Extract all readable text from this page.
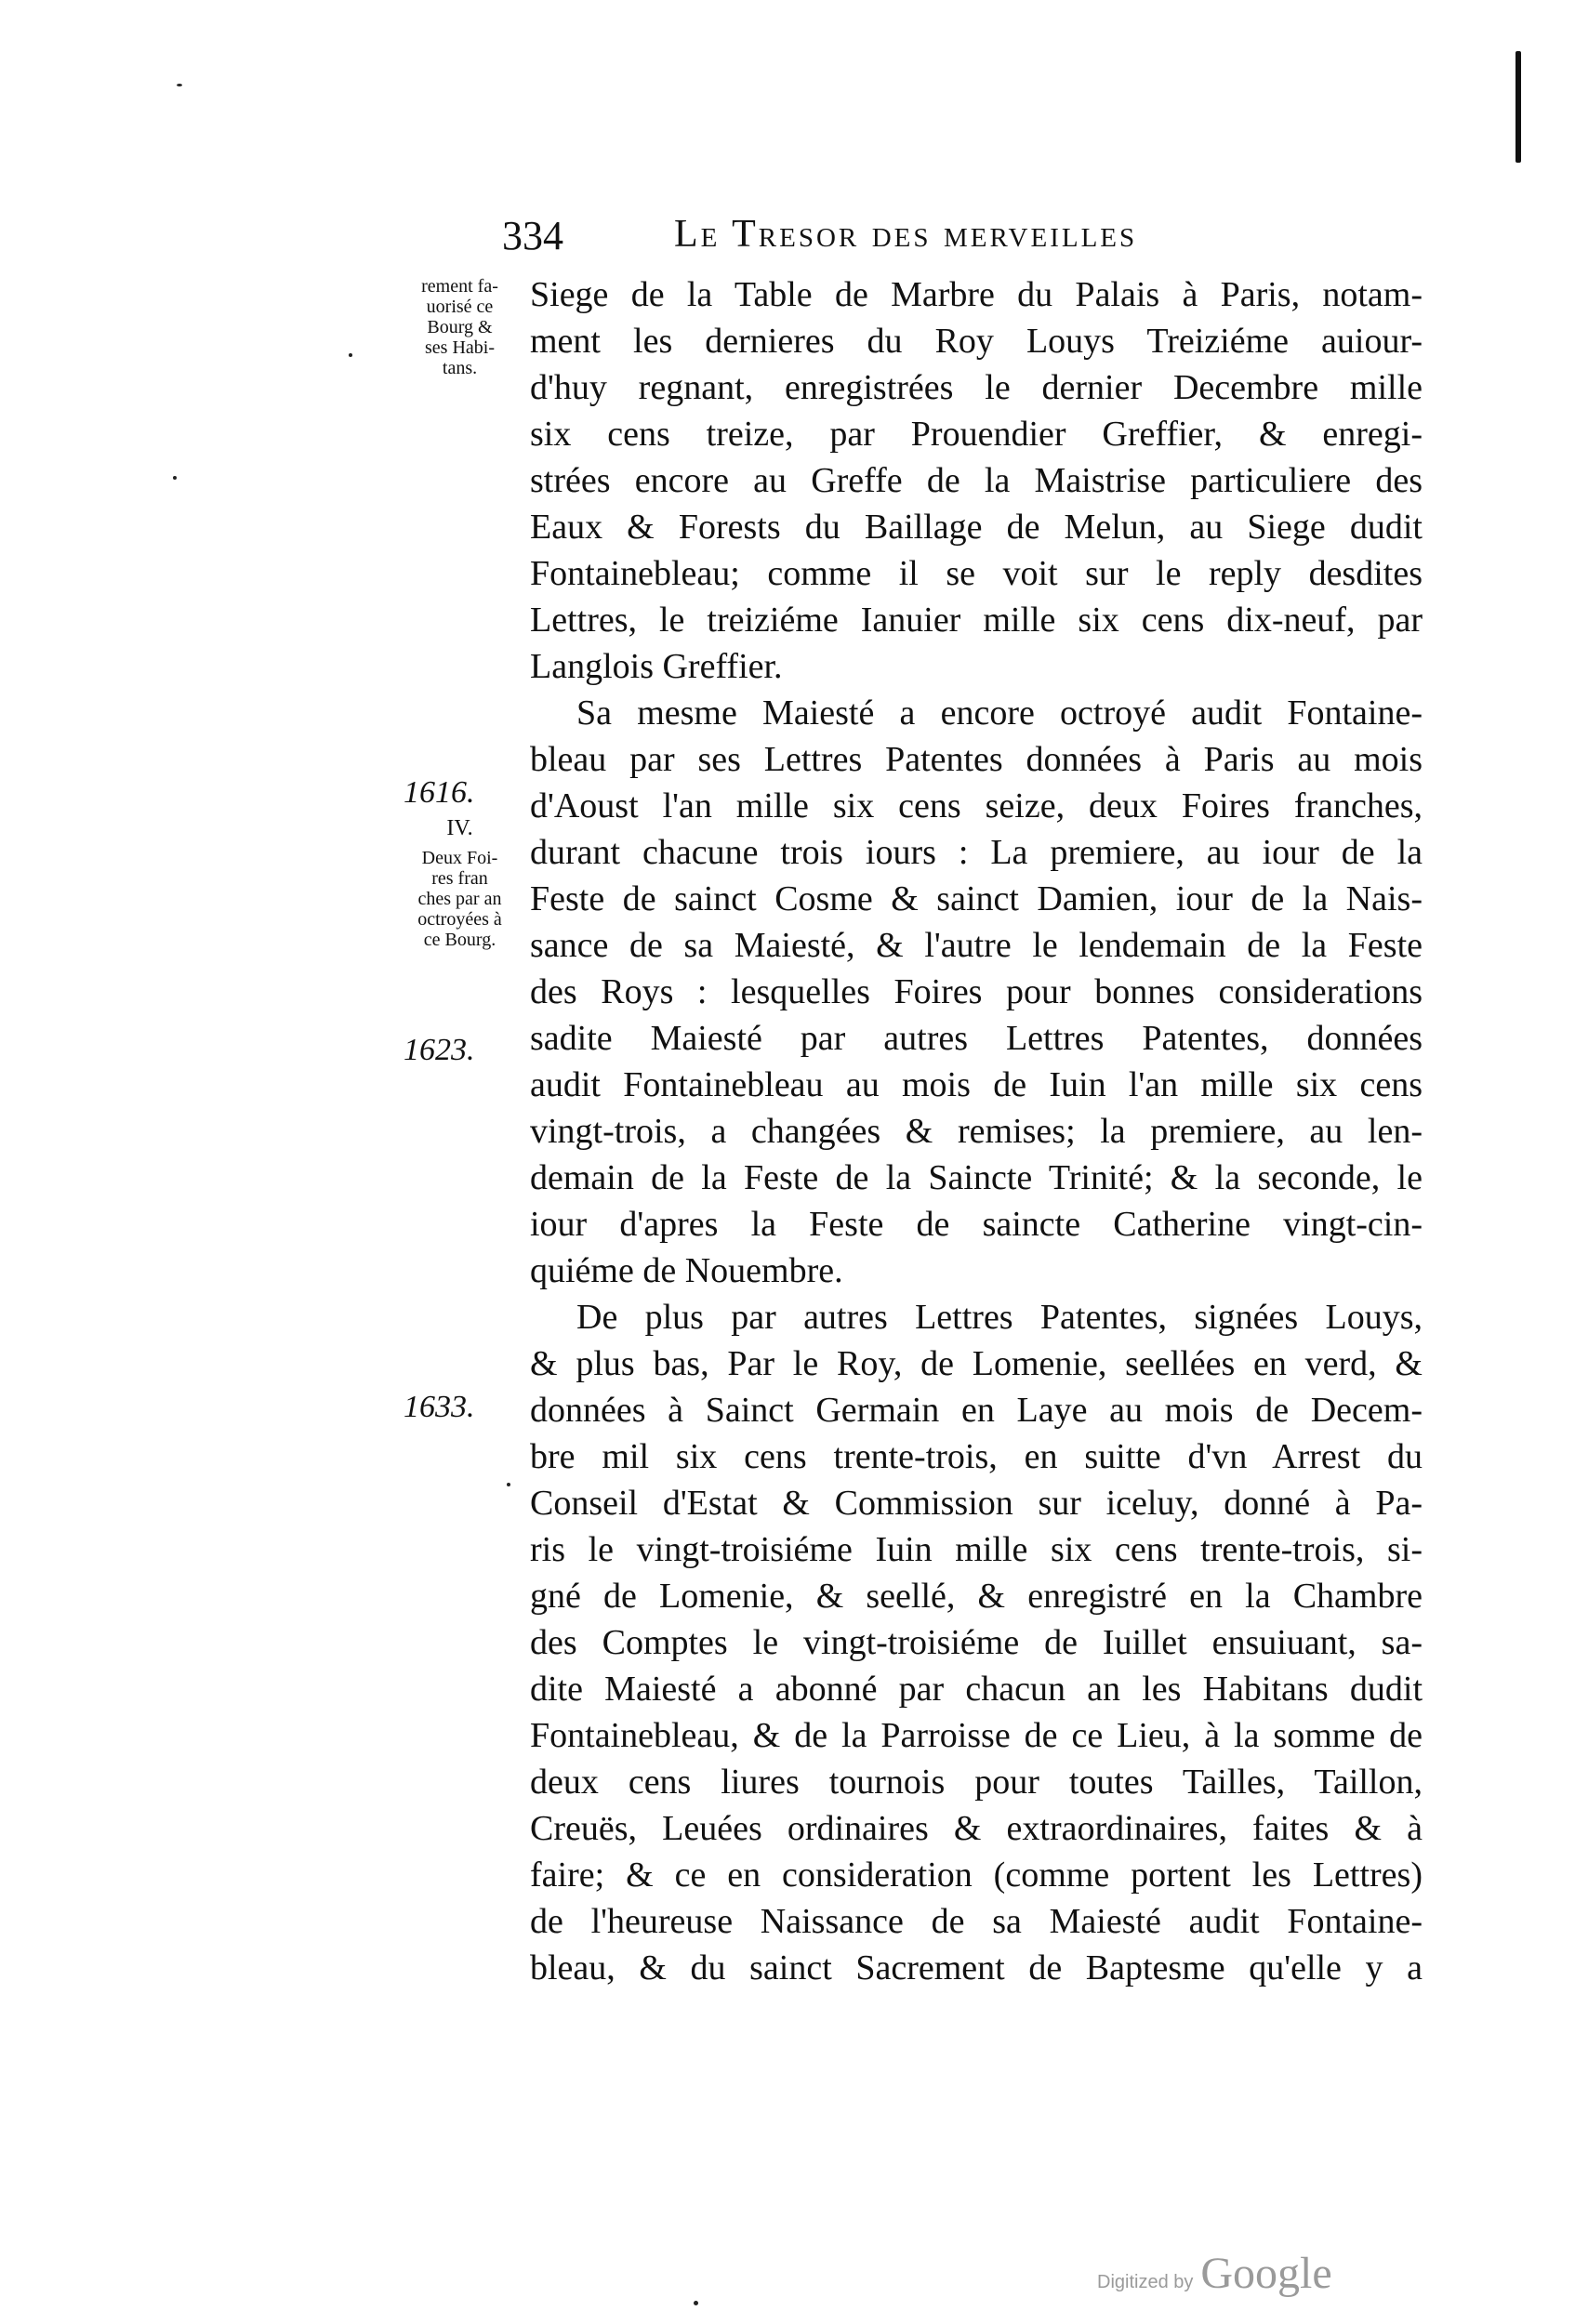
334	Le Tresor des merveilles
rement fa-
uorisé ce
Bourg &
ses Habi-
tans.
1616.
IV.
Deux Foi-
res fran
ches par an
octroyées à
ce Bourg.
1623.
1633.
Siege de la Table de Marbre du Palais à Paris, notam-
ment les dernieres du Roy Louys Treiziéme auiour-
d'huy regnant, enregistrées le dernier Decembre mille
six cens treize, par Prouendier Greffier, & enregi-
strées encore au Greffe de la Maistrise particuliere des
Eaux & Forests du Baillage de Melun, au Siege dudit
Fontainebleau; comme il se voit sur le reply desdites
Lettres, le treiziéme Ianuier mille six cens dix-neuf, par
Langlois Greffier.
Sa mesme Maiesté a encore octroyé audit Fontaine-
bleau par ses Lettres Patentes données à Paris au mois
d'Aoust l'an mille six cens seize, deux Foires franches,
durant chacune trois iours : La premiere, au iour de la
Feste de sainct Cosme & sainct Damien, iour de la Nais-
sance de sa Maiesté, & l'autre le lendemain de la Feste
des Roys : lesquelles Foires pour bonnes considerations
sadite Maiesté par autres Lettres Patentes, données
audit Fontainebleau au mois de Iuin l'an mille six cens
vingt-trois, a changées & remises; la premiere, au len-
demain de la Feste de la Saincte Trinité; & la seconde, le
iour d'apres la Feste de saincte Catherine vingt-cin-
quiéme de Nouembre.
De plus par autres Lettres Patentes, signées Louys,
& plus bas, Par le Roy, de Lomenie, seellées en verd, &
données à Sainct Germain en Laye au mois de Decem-
bre mil six cens trente-trois, en suitte d'vn Arrest du
Conseil d'Estat & Commission sur iceluy, donné à Pa-
ris le vingt-troisiéme Iuin mille six cens trente-trois, si-
gné de Lomenie, & seellé, & enregistré en la Chambre
des Comptes le vingt-troisiéme de Iuillet ensuiuant, sa-
dite Maiesté a abonné par chacun an les Habitans dudit
Fontainebleau, & de la Parroisse de ce Lieu, à la somme de
deux cens liures tournois pour toutes Tailles, Taillon,
Creuës, Leuées ordinaires & extraordinaires, faites & à
faire; & ce en consideration (comme portent les Lettres)
de l'heureuse Naissance de sa Maiesté audit Fontaine-
bleau, & du sainct Sacrement de Baptesme qu'elle y a
Digitized by Google
